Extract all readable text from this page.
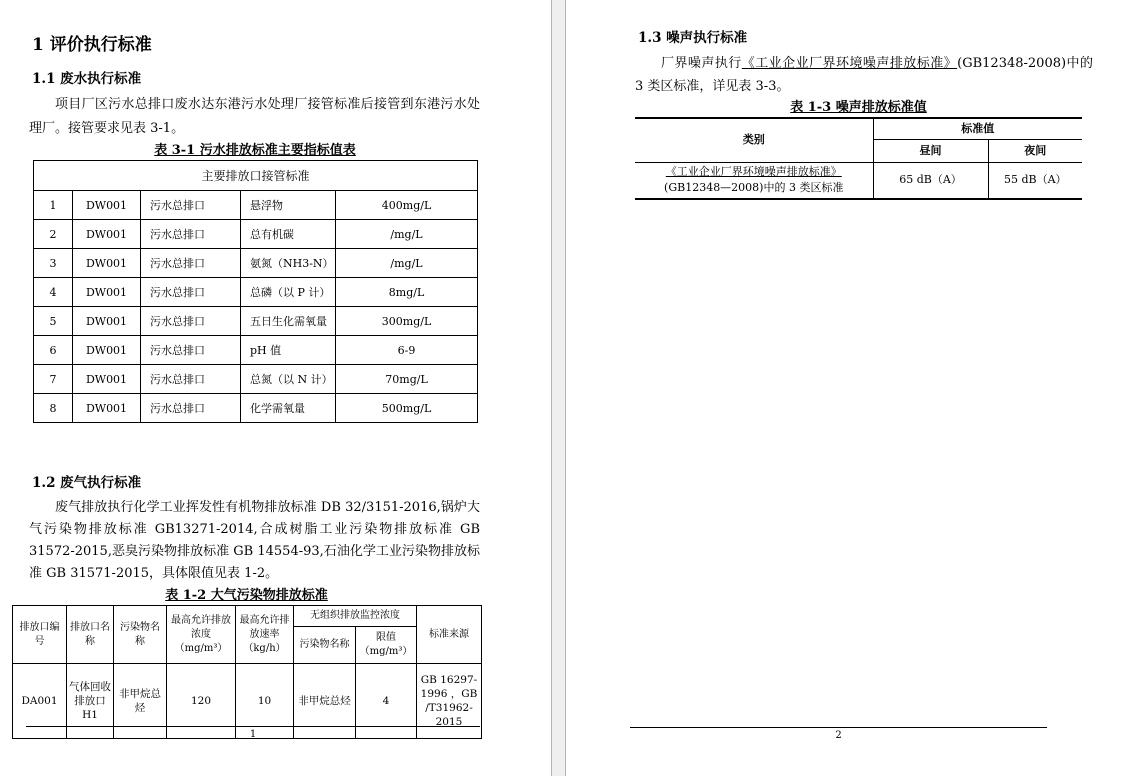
1 评价执行标准
1.1 废水执行标准

项目厂区污水总排口废水达东港污水处理厂接管标准后接管到东港污水处理厂。接管要求见表 3-1。

表 3-1 污水排放标准主要指标值表
主要排放口接管标准				
1	DW001	污水总排口	悬浮物	400mg/L
2	DW001	污水总排口	总有机碳	/mg/L
3	DW001	污水总排口	氨氮（NH3-N）	/mg/L
4	DW001	污水总排口	总磷（以 P 计）	8mg/L
5	DW001	污水总排口	五日生化需氧量	300mg/L
6	DW001	污水总排口	pH 值	6-9
7	DW001	污水总排口	总氮（以 N 计）	70mg/L
8	DW001	污水总排口	化学需氧量	500mg/L
1.2 废气执行标准

废气排放执行化学工业挥发性有机物排放标准 DB 32/3151-2016,锅炉大气污染物排放标准 GB13271-2014,合成树脂工业污染物排放标准 GB 31572-2015,恶臭污染物排放标准 GB 14554-93,石油化学工业污染物排放标准 GB 31571-2015，具体限值见表 1-2。

表 1-2 大气污染物排放标准
排放口编号	排放口名称	污染物名称	最高允许排放浓度（mg/m³）	最高允许排放速率（kg/h）	无组织排放监控浓度		标准来源
					污染物名称	限值（mg/m³）	
DA001	气体回收排放口 H1	非甲烷总烃	120	10	非甲烷总烃	4	GB 16297-1996 ，GB /T31962-2015
1
1.3 噪声执行标准

厂界噪声执行《工业企业厂界环境噪声排放标准》(GB12348-2008)中的 3 类区标准，详见表 3-3。

表 1-3 噪声排放标准值
类别	标准值	
	昼间	夜间
《工业企业厂界环境噪声排放标准》
(GB12348—2008)中的 3 类区标准	65 dB（A）	55 dB（A）
2
